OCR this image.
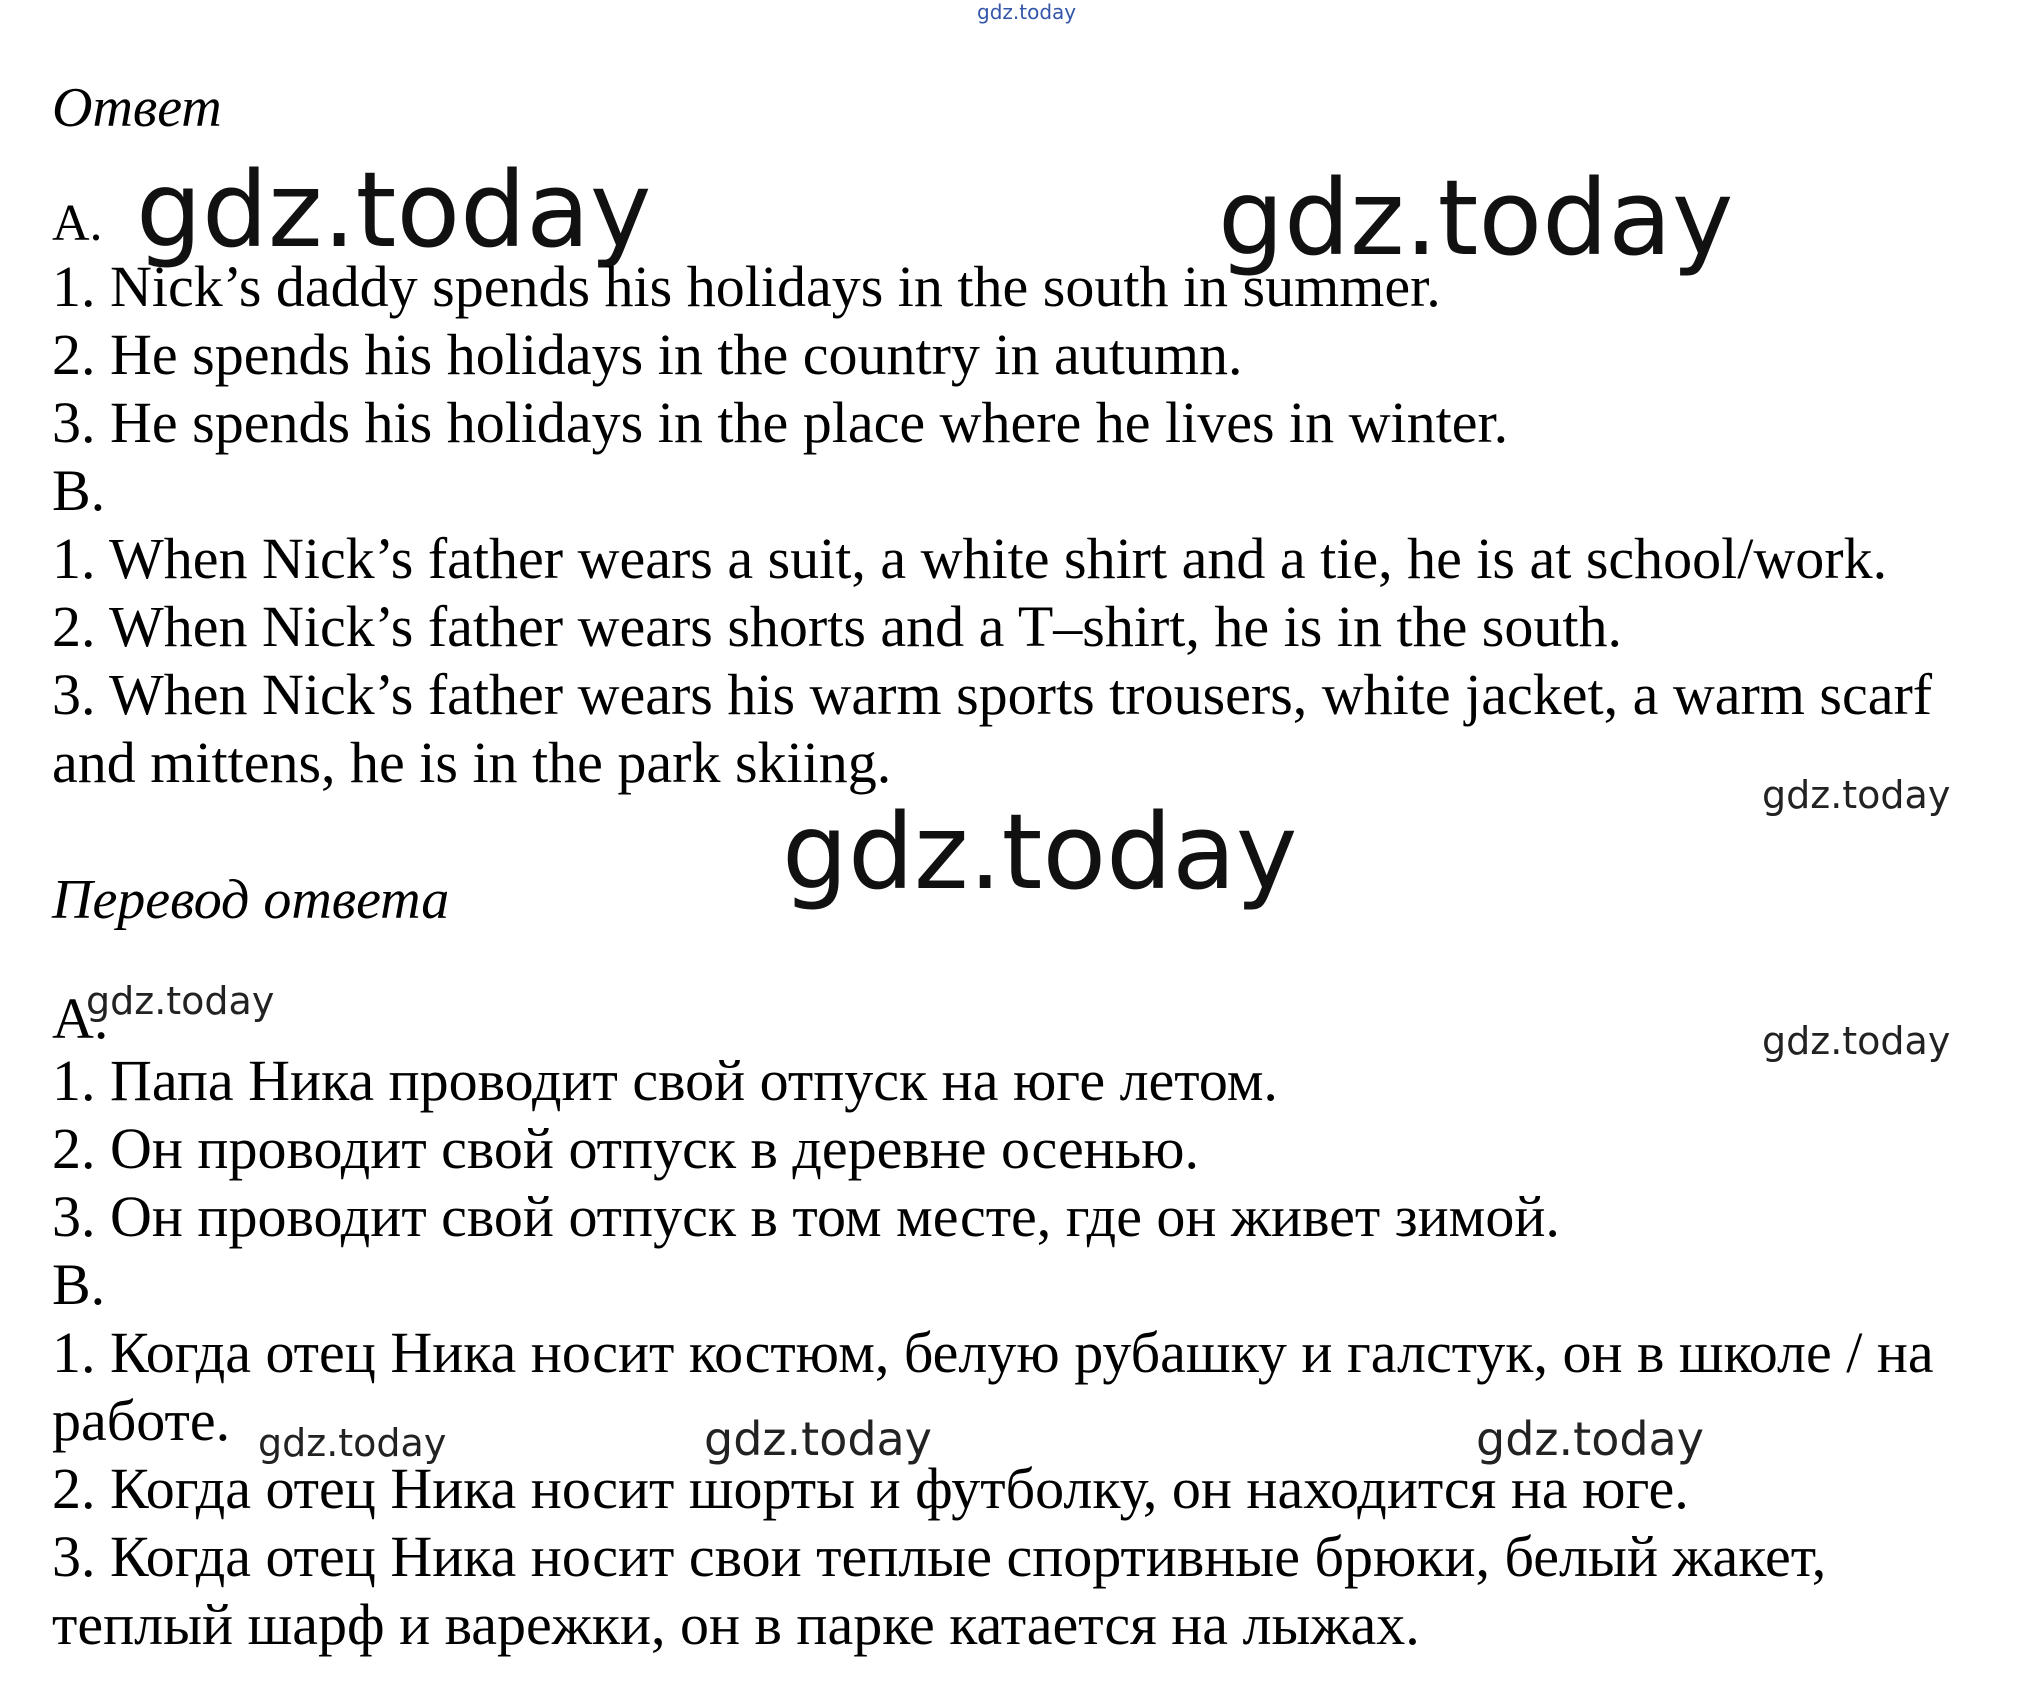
gdz.today
gdz.today	gdz.today
gdz.today	gdz.today
gdz.today
gdz.today
gdz.today	gdz.today	gdz.today
Ответ
A.
1. Nick’s daddy spends his holidays in the south in summer.
2. He spends his holidays in the country in autumn.
3. He spends his holidays in the place where he lives in winter.
B.
1. When Nick’s father wears a suit, a white shirt and a tie, he is at school/work.
2. When Nick’s father wears shorts and a T–shirt, he is in the south.
3. When Nick’s father wears his warm sports trousers, white jacket, a warm scarf
and mittens, he is in the park skiing.
Перевод ответа
A.
1. Папа Ника проводит свой отпуск на юге летом.
2. Он проводит свой отпуск в деревне осенью.
3. Он проводит свой отпуск в том месте, где он живет зимой.
B.
1. Когда отец Ника носит костюм, белую рубашку и галстук, он в школе / на
работе.
2. Когда отец Ника носит шорты и футболку, он находится на юге.
3. Когда отец Ника носит свои теплые спортивные брюки, белый жакет,
теплый шарф и варежки, он в парке катается на лыжах.
